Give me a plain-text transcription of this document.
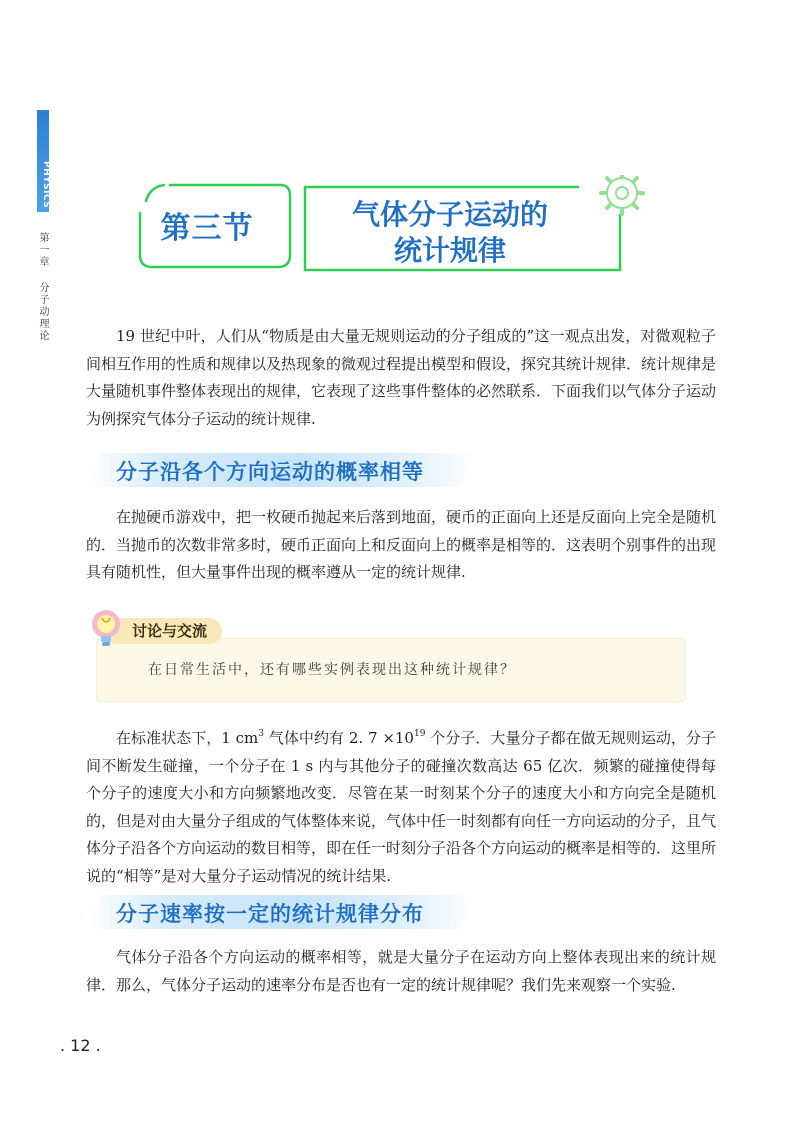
PHYSICS
第一章分子动理论
第三节	气体分子运动的
统计规律

19 世纪中叶，人们从“物质是由大量无规则运动的分子组成的”这一观点出发，对微观粒子间相互作用的性质和规律以及热现象的微观过程提出模型和假设，探究其统计规律．统计规律是大量随机事件整体表现出的规律，它表现了这些事件整体的必然联系．下面我们以气体分子运动为例探究气体分子运动的统计规律.

分子沿各个方向运动的概率相等

在抛硬币游戏中，把一枚硬币抛起来后落到地面，硬币的正面向上还是反面向上完全是随机的．当抛币的次数非常多时，硬币正面向上和反面向上的概率是相等的．这表明个别事件的出现具有随机性，但大量事件出现的概率遵从一定的统计规律.

讨论与交流
在日常生活中，还有哪些实例表现出这种统计规律？

在标准状态下，1 $cm^3$ 气体中约有 2. $7 \times 10^{19}$ 个分子．大量分子都在做无规则运动，分子间不断发生碰撞，一个分子在 1 s 内与其他分子的碰撞次数高达 65 亿次．频繁的碰撞使得每个分子的速度大小和方向频繁地改变．尽管在某一时刻某个分子的速度大小和方向完全是随机的，但是对由大量分子组成的气体整体来说，气体中任一时刻都有向任一方向运动的分子，且气体分子沿各个方向运动的数目相等，即在任一时刻分子沿各个方向运动的概率是相等的．这里所说的“相等”是对大量分子运动情况的统计结果.

分子速率按一定的统计规律分布

气体分子沿各个方向运动的概率相等，就是大量分子在运动方向上整体表现出来的统计规律．那么，气体分子运动的速率分布是否也有一定的统计规律呢？我们先来观察一个实验.

. 12 .
